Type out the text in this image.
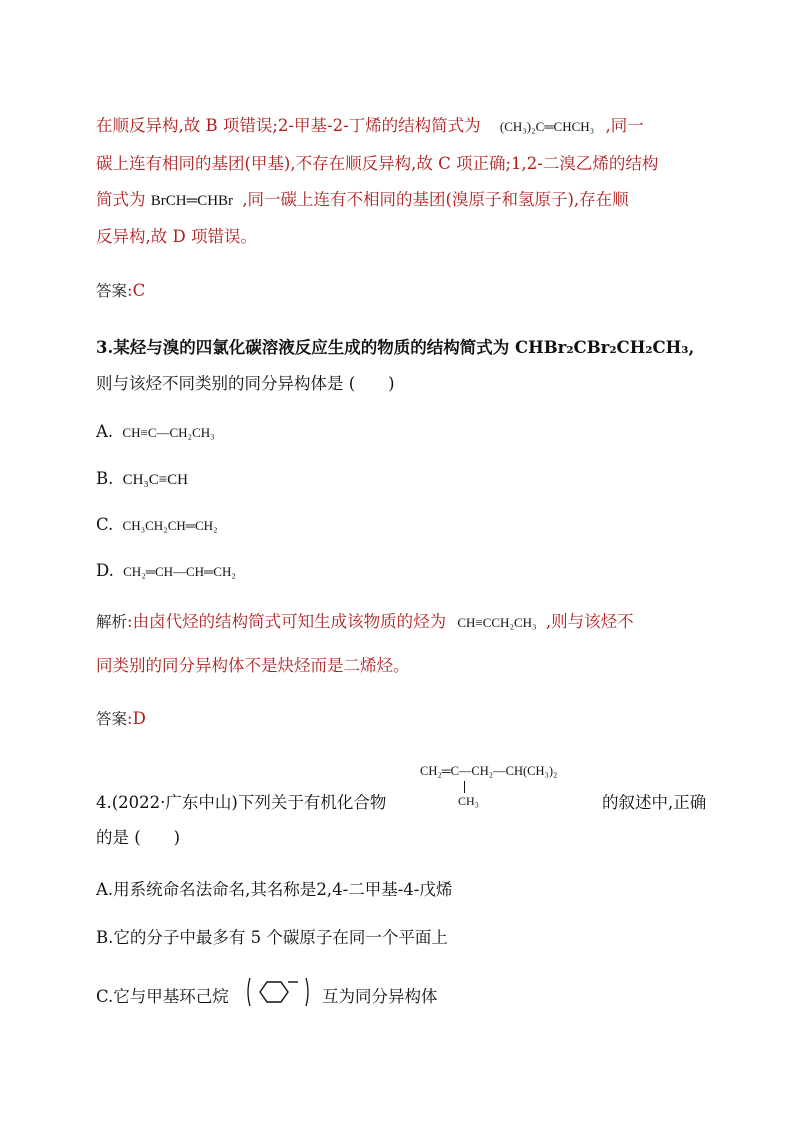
在顺反异构,故 B 项错误;2-甲基-2-丁烯的结构简式为 (CH₃)₂C═CHCH₃ ,同一
碳上连有相同的基团(甲基),不存在顺反异构,故 C 项正确;1,2-二溴乙烯的结构
简式为 BrCH═CHBr ,同一碳上连有不相同的基团(溴原子和氢原子),存在顺
反异构,故 D 项错误。
答案:C
3.某烃与溴的四氯化碳溶液反应生成的物质的结构简式为 CHBr₂CBr₂CH₂CH₃,
则与该烃不同类别的同分异构体是 (　　)
A. CH≡C—CH₂CH₃
B. CH₃C≡CH
C. CH₃CH₂CH═CH₂
D. CH₂═CH—CH═CH₂
解析:由卤代烃的结构简式可知生成该物质的烃为 CH≡CCH₂CH₃ ,则与该烃不
同类别的同分异构体不是炔烃而是二烯烃。
答案:D
CH₂═C—CH₂—CH(CH₃)₂
CH₃
4.(2022·广东中山)下列关于有机化合物	的叙述中,正确
的是 (　　)
A.用系统命名法命名,其名称是2,4-二甲基-4-戊烯
B.它的分子中最多有 5 个碳原子在同一个平面上
C.它与甲基环己烷	互为同分异构体
